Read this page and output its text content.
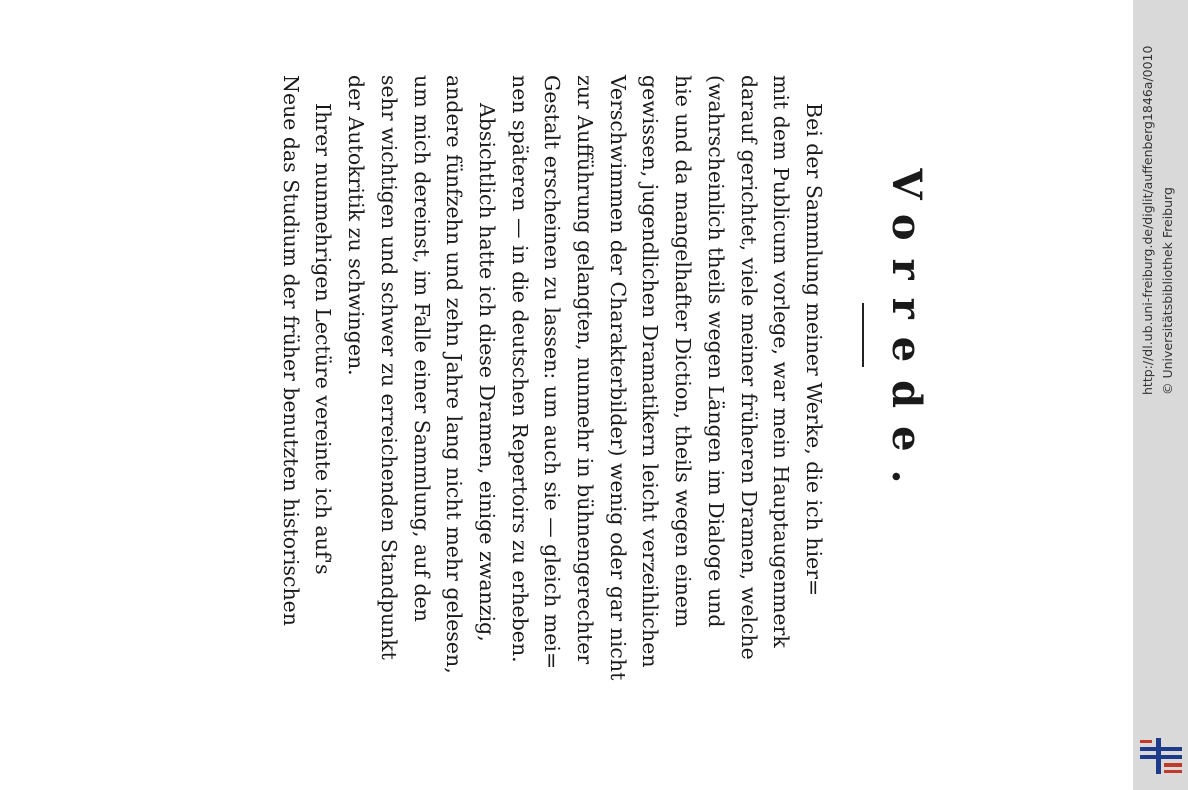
Vorrede.
Bei der Sammlung meiner Werke, die ich hier=
mit dem Publicum vorlege, war mein Hauptaugenmerk
darauf gerichtet, viele meiner früheren Dramen, welche
(wahrscheinlich theils wegen Längen im Dialoge und
hie und da mangelhafter Diction, theils wegen einem
gewissen, jugendlichen Dramatikern leicht verzeihlichen
Verschwimmen der Charakterbilder) wenig oder gar nicht
zur Aufführung gelangten, nunmehr in bühnengerechter
Gestalt erscheinen zu lassen: um auch sie — gleich mei=
nen späteren — in die deutschen Repertoirs zu erheben.
Absichtlich hatte ich diese Dramen, einige zwanzig,
andere fünfzehn und zehn Jahre lang nicht mehr gelesen,
um mich dereinst, im Falle einer Sammlung, auf den
sehr wichtigen und schwer zu erreichenden Standpunkt
der Autokritik zu schwingen.
Ihrer nunmehrigen Lectüre vereinte ich auf's
Neue das Studium der früher benutzten historischen	http://dl.ub.uni-freiburg.de/diglit/auffenberg1846a/0010 © Universitätsbibliothek Freiburg
